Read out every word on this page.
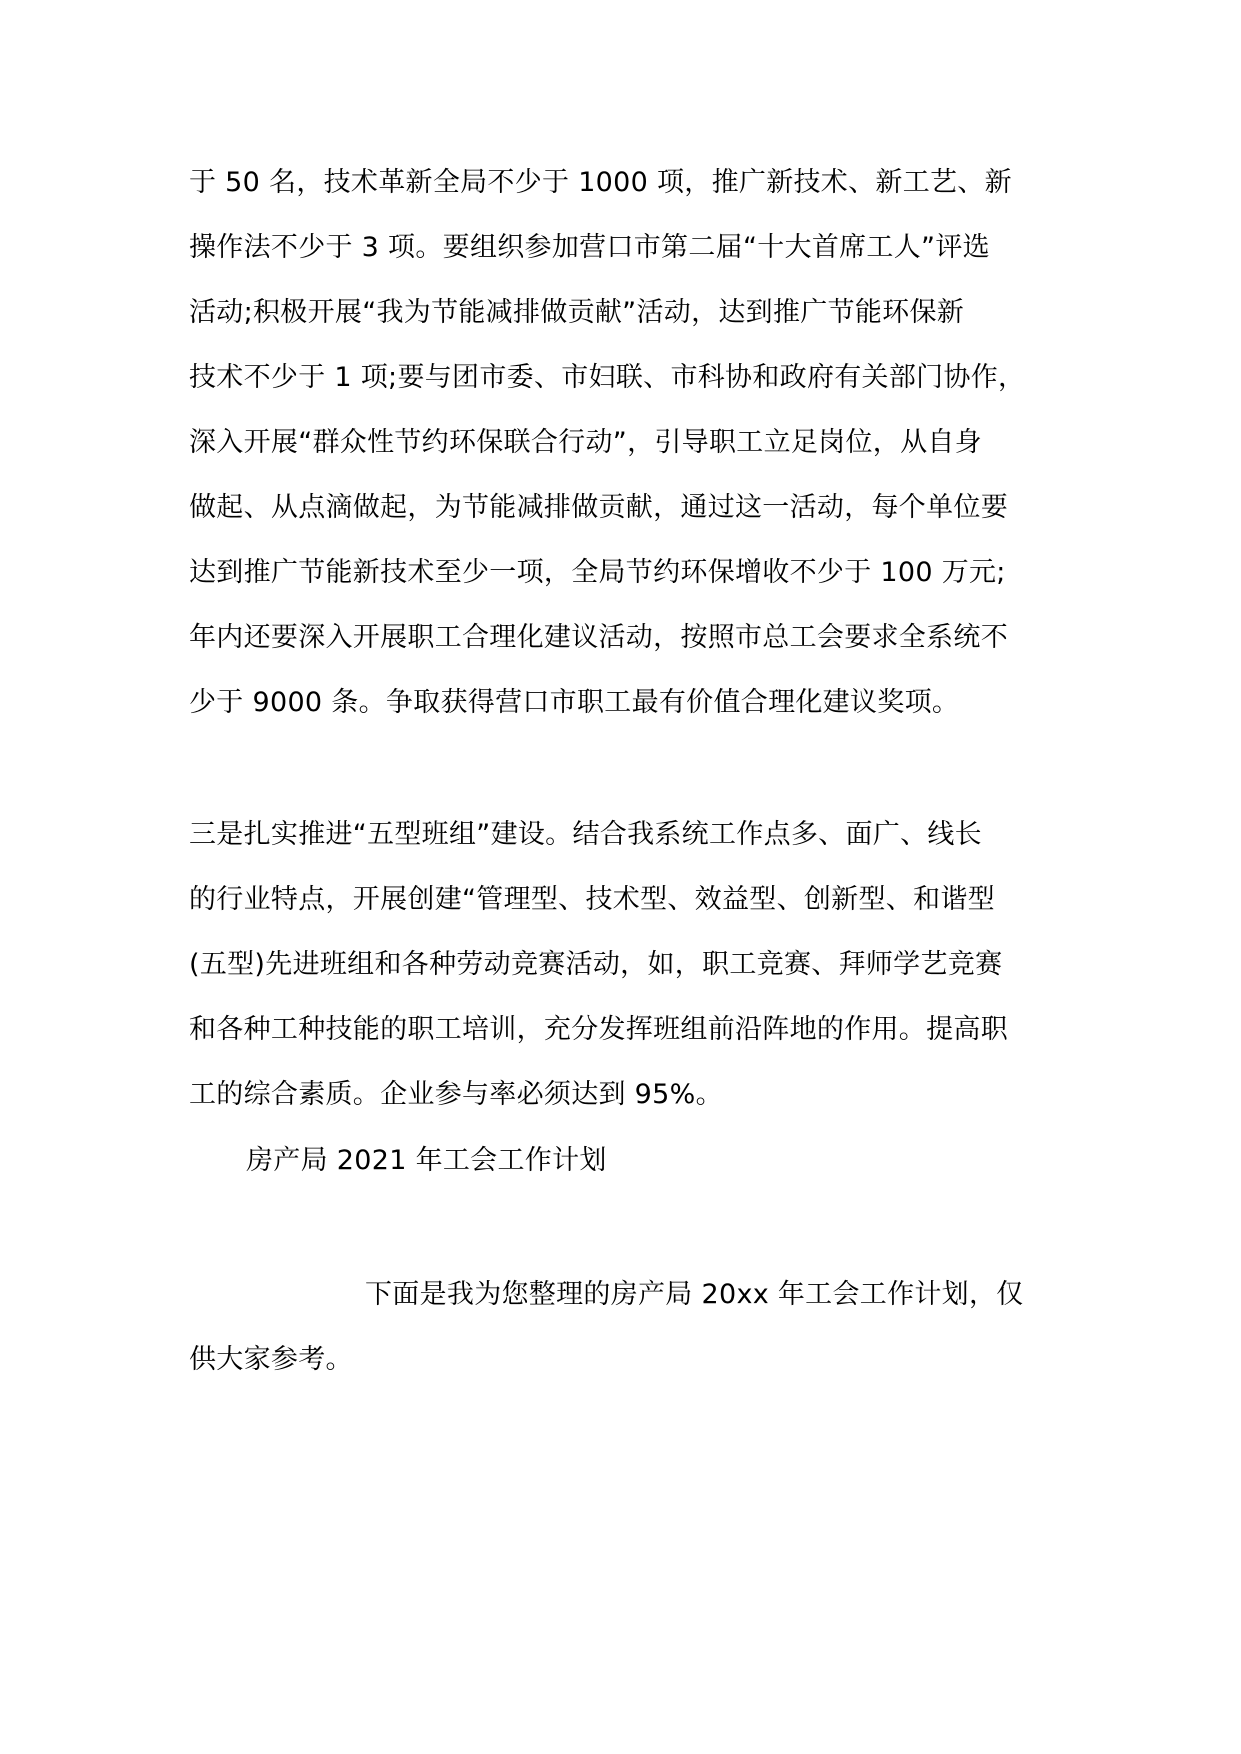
于 50 名，技术革新全局不少于 1000 项，推广新技术、新工艺、新
操作法不少于 3 项。要组织参加营口市第二届“十大首席工人”评选
活动;积极开展“我为节能减排做贡献”活动，达到推广节能环保新
技术不少于 1 项;要与团市委、市妇联、市科协和政府有关部门协作，
深入开展“群众性节约环保联合行动”，引导职工立足岗位，从自身
做起、从点滴做起，为节能减排做贡献，通过这一活动，每个单位要
达到推广节能新技术至少一项，全局节约环保增收不少于 100 万元;
年内还要深入开展职工合理化建议活动，按照市总工会要求全系统不
少于 9000 条。争取获得营口市职工最有价值合理化建议奖项。
三是扎实推进“五型班组”建设。结合我系统工作点多、面广、线长
的行业特点，开展创建“管理型、技术型、效益型、创新型、和谐型
(五型)先进班组和各种劳动竞赛活动，如，职工竞赛、拜师学艺竞赛
和各种工种技能的职工培训，充分发挥班组前沿阵地的作用。提高职
工的综合素质。企业参与率必须达到 95%。
房产局 2021 年工会工作计划
下面是我为您整理的房产局 20xx 年工会工作计划，仅
供大家参考。
